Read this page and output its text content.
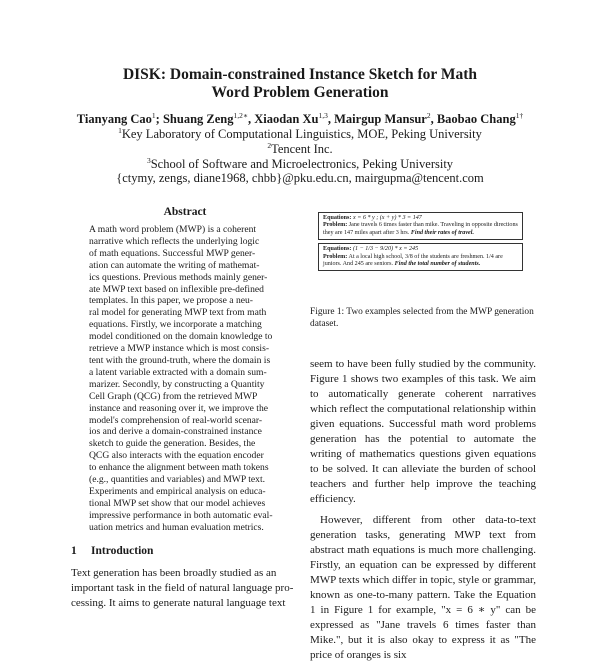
DISK: Domain-constrained Instance Sketch for Math
Word Problem Generation
Tianyang Cao$^1$; Shuang Zeng$^{1,2∗}$, Xiaodan Xu$^{1,3}$, Mairgup Mansur$^2$, Baobao Chang$^{1\dagger}$
$^1$Key Laboratory of Computational Linguistics, MOE, Peking University
$^2$Tencent Inc.
$^3$School of Software and Microelectronics, Peking University
{ctymy, zengs, diane1968, chbb}@pku.edu.cn, mairgupma@tencent.com
Abstract

A math word problem (MWP) is a coherent

narrative which reflects the underlying logic

of math equations. Successful MWP gener-

ation can automate the writing of mathemat-

ics questions. Previous methods mainly gener-

ate MWP text based on inflexible pre-defined

templates. In this paper, we propose a neu-

ral model for generating MWP text from math

equations. Firstly, we incorporate a matching

model conditioned on the domain knowledge to

retrieve a MWP instance which is most consis-

tent with the ground-truth, where the domain is

a latent variable extracted with a domain sum-

marizer. Secondly, by constructing a Quantity

Cell Graph (QCG) from the retrieved MWP

instance and reasoning over it, we improve the

model's comprehension of real-world scenar-

ios and derive a domain-constrained instance

sketch to guide the generation. Besides, the

QCG also interacts with the equation encoder

to enhance the alignment between math tokens

(e.g., quantities and variables) and MWP text.

Experiments and empirical analysis on educa-

tional MWP set show that our model achieves

impressive performance in both automatic eval-

uation metrics and human evaluation metrics.

1 Introduction

Text generation has been broadly studied as an

important task in the field of natural language pro-

cessing. It aims to generate natural language text

Equations: x = 6 * y ; (x + y) * 3 = 147
Problem: Jane travels 6 times faster than mike. Traveling in opposite directions they are 147 miles apart after 3 hrs. Find their rates of travel.
Equations: (1 − 1/3 − 9/20) * x = 245
Problem: At a local high school, 3/8 of the students are freshmen. 1/4 are juniors. And 245 are seniors. Find the total number of students.
Figure 1: Two examples selected from the MWP generation dataset.

seem to have been fully studied by the community. Figure 1 shows two examples of this task. We aim to automatically generate coherent narratives which reflect the computational relationship within given equations. Successful math word problems generation has the potential to automate the writing of mathematics questions given equations to be solved. It can alleviate the burden of school teachers and further help improve the teaching efficiency.

However, different from other data-to-text generation tasks, generating MWP text from abstract math equations is much more challenging. Firstly, an equation can be expressed by different MWP texts which differ in topic, style or grammar, known as one-to-many pattern. Take the Equation 1 in Figure 1 for example, "x = 6 ∗ y" can be expressed as "Jane travels 6 times faster than Mike.", but it is also okay to express it as "The price of oranges is six
